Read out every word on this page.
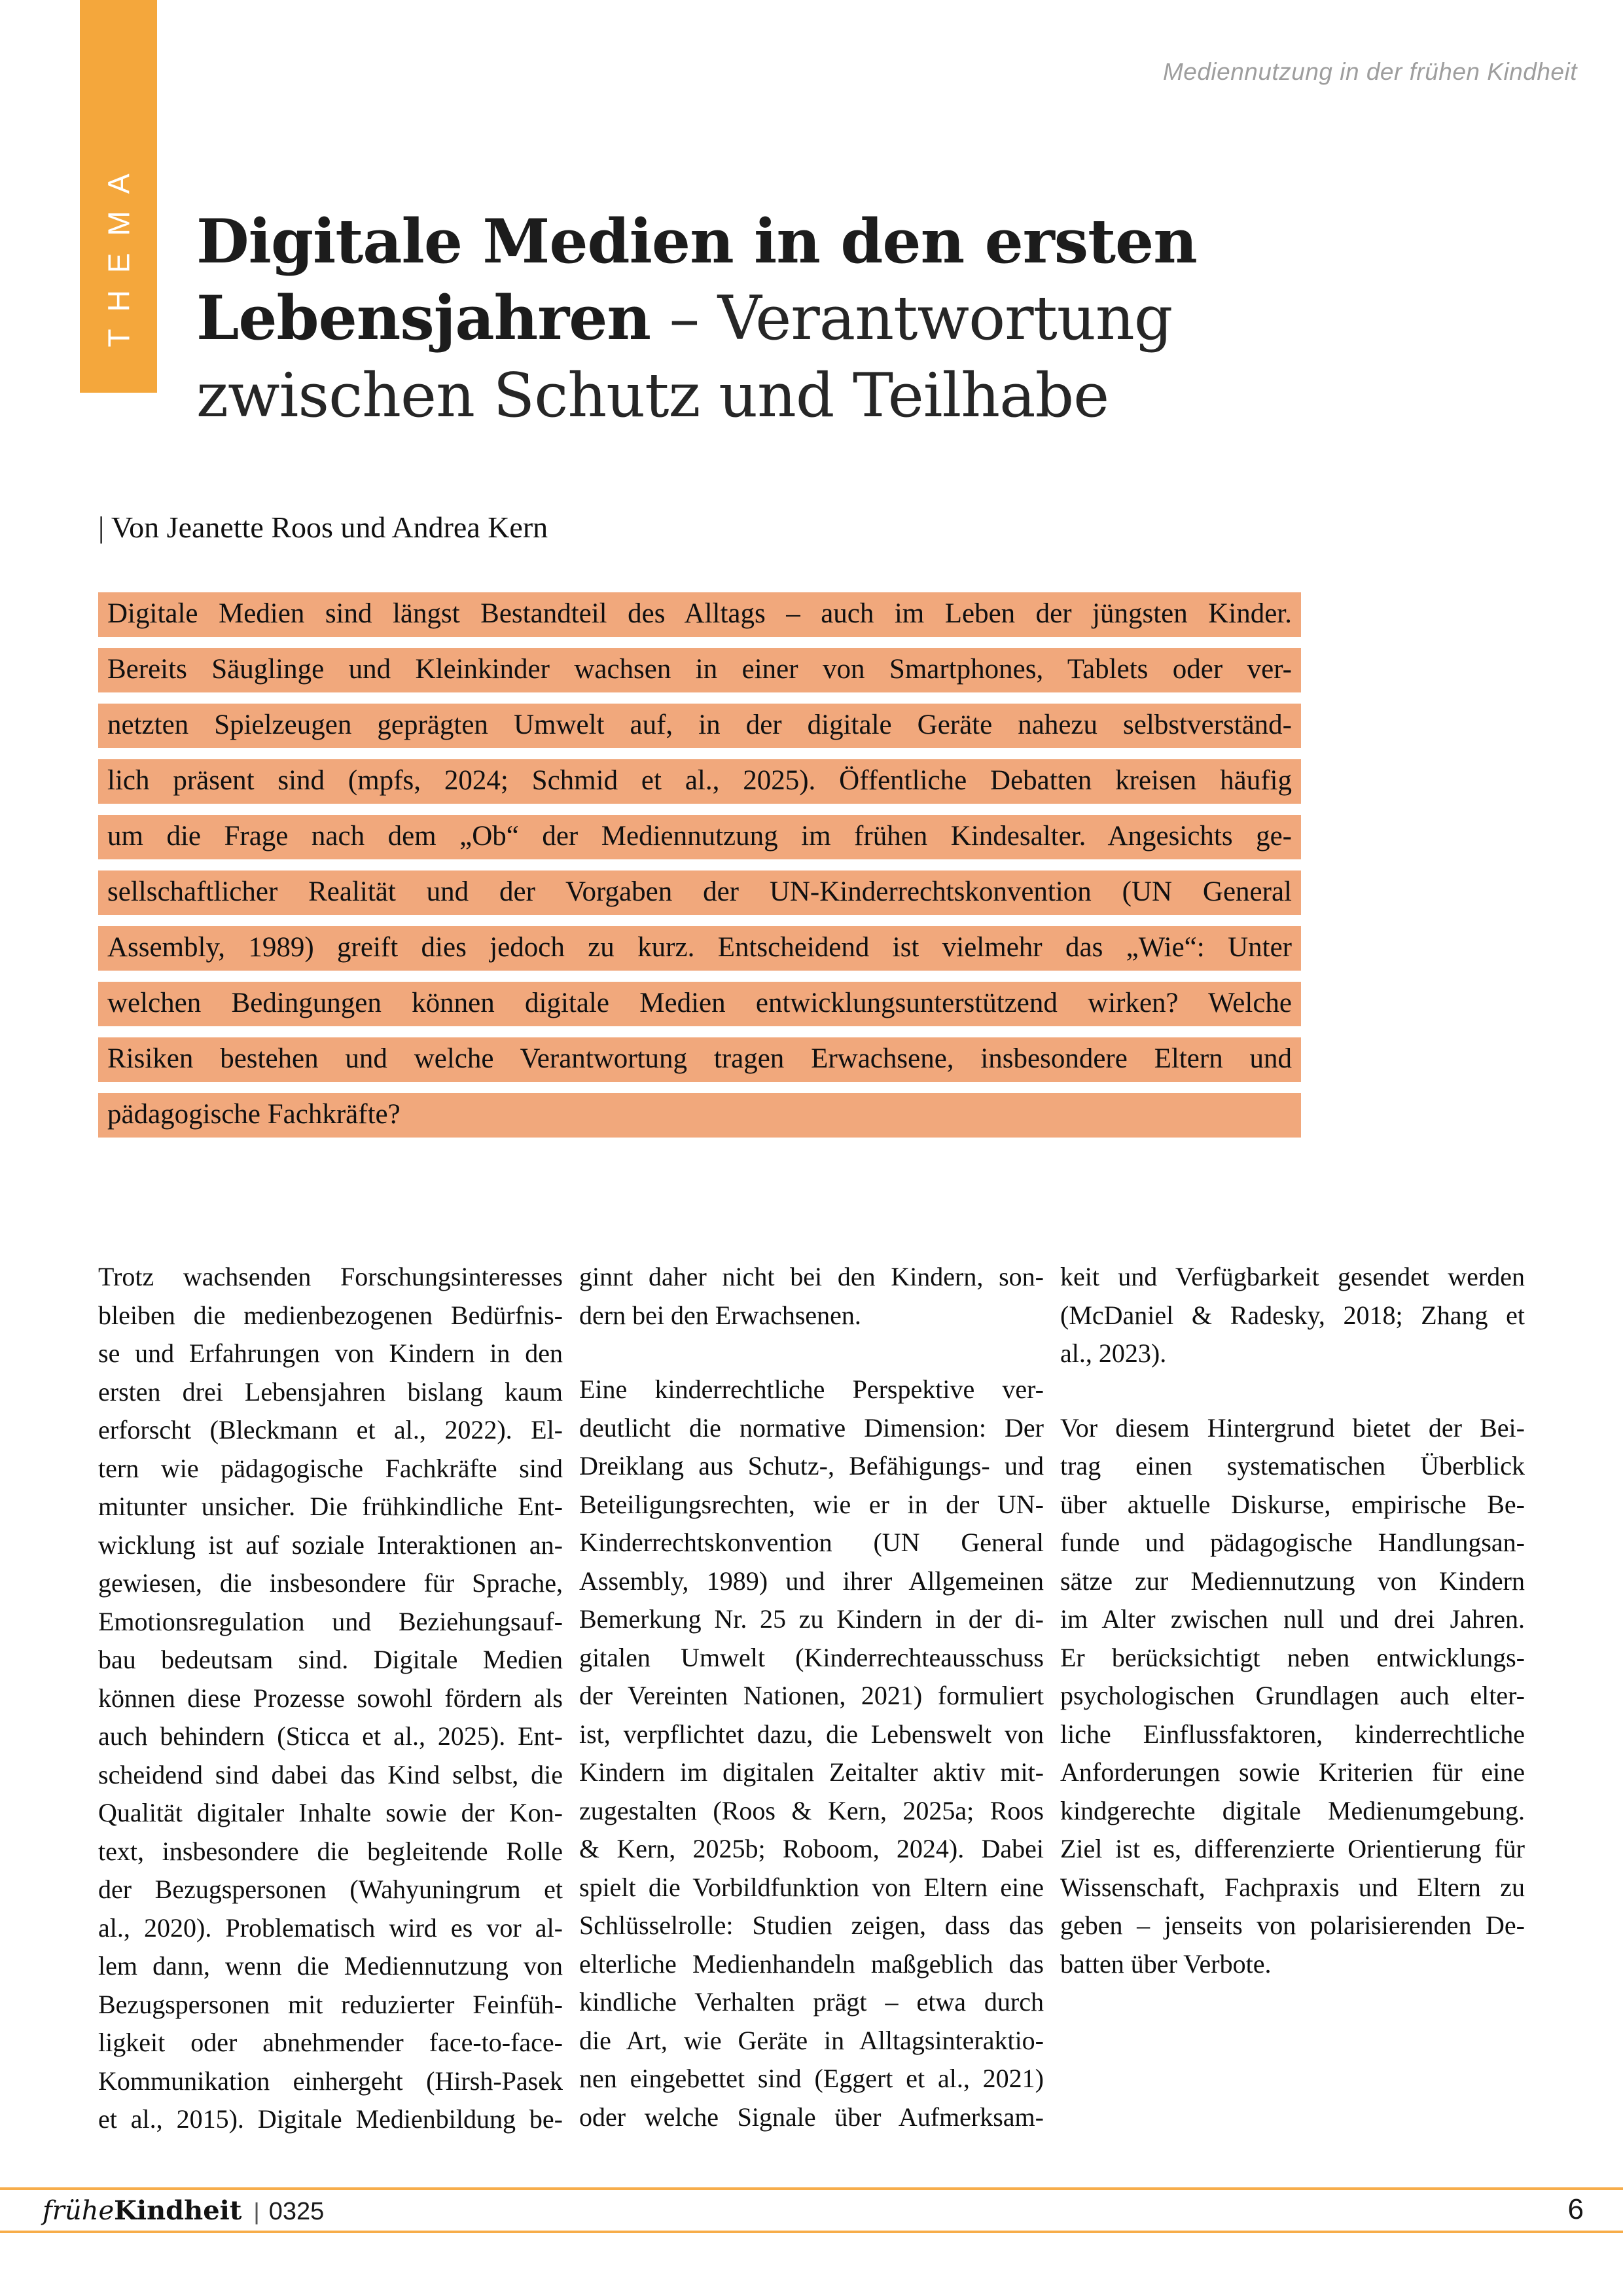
THEMA
Mediennutzung in der frühen Kindheit
Digitale Medien in den ersten
Lebensjahren – Verantwortung
zwischen Schutz und Teilhabe
| Von Jeanette Roos und Andrea Kern
Digitale Medien sind längst Bestandteil des Alltags – auch im Leben der jüngsten Kinder.
Bereits Säuglinge und Kleinkinder wachsen in einer von Smartphones, Tablets oder ver-
netzten Spielzeugen geprägten Umwelt auf, in der digitale Geräte nahezu selbstverständ-
lich präsent sind (mpfs, 2024; Schmid et al., 2025). Öffentliche Debatten kreisen häufig
um die Frage nach dem „Ob“ der Mediennutzung im frühen Kindesalter. Angesichts ge-
sellschaftlicher Realität und der Vorgaben der UN-Kinderrechtskonvention (UN General
Assembly, 1989) greift dies jedoch zu kurz. Entscheidend ist vielmehr das „Wie“: Unter
welchen Bedingungen können digitale Medien entwicklungsunterstützend wirken? Welche
Risiken bestehen und welche Verantwortung tragen Erwachsene, insbesondere Eltern und
pädagogische Fachkräfte?
Trotz wachsenden Forschungsinteresses
bleiben die medienbezogenen Bedürfnis-
se und Erfahrungen von Kindern in den
ersten drei Lebensjahren bislang kaum
erforscht (Bleckmann et al., 2022). El-
tern wie pädagogische Fachkräfte sind
mitunter unsicher. Die frühkindliche Ent-
wicklung ist auf soziale Interaktionen an-
gewiesen, die insbesondere für Sprache,
Emotionsregulation und Beziehungsauf-
bau bedeutsam sind. Digitale Medien
können diese Prozesse sowohl fördern als
auch behindern (Sticca et al., 2025). Ent-
scheidend sind dabei das Kind selbst, die
Qualität digitaler Inhalte sowie der Kon-
text, insbesondere die begleitende Rolle
der Bezugspersonen (Wahyuningrum et
al., 2020). Problematisch wird es vor al-
lem dann, wenn die Mediennutzung von
Bezugspersonen mit reduzierter Feinfüh-
ligkeit oder abnehmender face-to-face-
Kommunikation einhergeht (Hirsh-Pasek
et al., 2015). Digitale Medienbildung be-
ginnt daher nicht bei den Kindern, son-
dern bei den Erwachsenen.
Eine kinderrechtliche Perspektive ver-
deutlicht die normative Dimension: Der
Dreiklang aus Schutz-, Befähigungs- und
Beteiligungsrechten, wie er in der UN-
Kinderrechtskonvention (UN General
Assembly, 1989) und ihrer Allgemeinen
Bemerkung Nr. 25 zu Kindern in der di-
gitalen Umwelt (Kinderrechteausschuss
der Vereinten Nationen, 2021) formuliert
ist, verpflichtet dazu, die Lebenswelt von
Kindern im digitalen Zeitalter aktiv mit-
zugestalten (Roos & Kern, 2025a; Roos
& Kern, 2025b; Roboom, 2024). Dabei
spielt die Vorbildfunktion von Eltern eine
Schlüsselrolle: Studien zeigen, dass das
elterliche Medienhandeln maßgeblich das
kindliche Verhalten prägt – etwa durch
die Art, wie Geräte in Alltagsinteraktio-
nen eingebettet sind (Eggert et al., 2021)
oder welche Signale über Aufmerksam-
keit und Verfügbarkeit gesendet werden
(McDaniel & Radesky, 2018; Zhang et
al., 2023).
Vor diesem Hintergrund bietet der Bei-
trag einen systematischen Überblick
über aktuelle Diskurse, empirische Be-
funde und pädagogische Handlungsan-
sätze zur Mediennutzung von Kindern
im Alter zwischen null und drei Jahren.
Er berücksichtigt neben entwicklungs-
psychologischen Grundlagen auch elter-
liche Einflussfaktoren, kinderrechtliche
Anforderungen sowie Kriterien für eine
kindgerechte digitale Medienumgebung.
Ziel ist es, differenzierte Orientierung für
Wissenschaft, Fachpraxis und Eltern zu
geben – jenseits von polarisierenden De-
batten über Verbote.
früheKindheit | 0325	6
